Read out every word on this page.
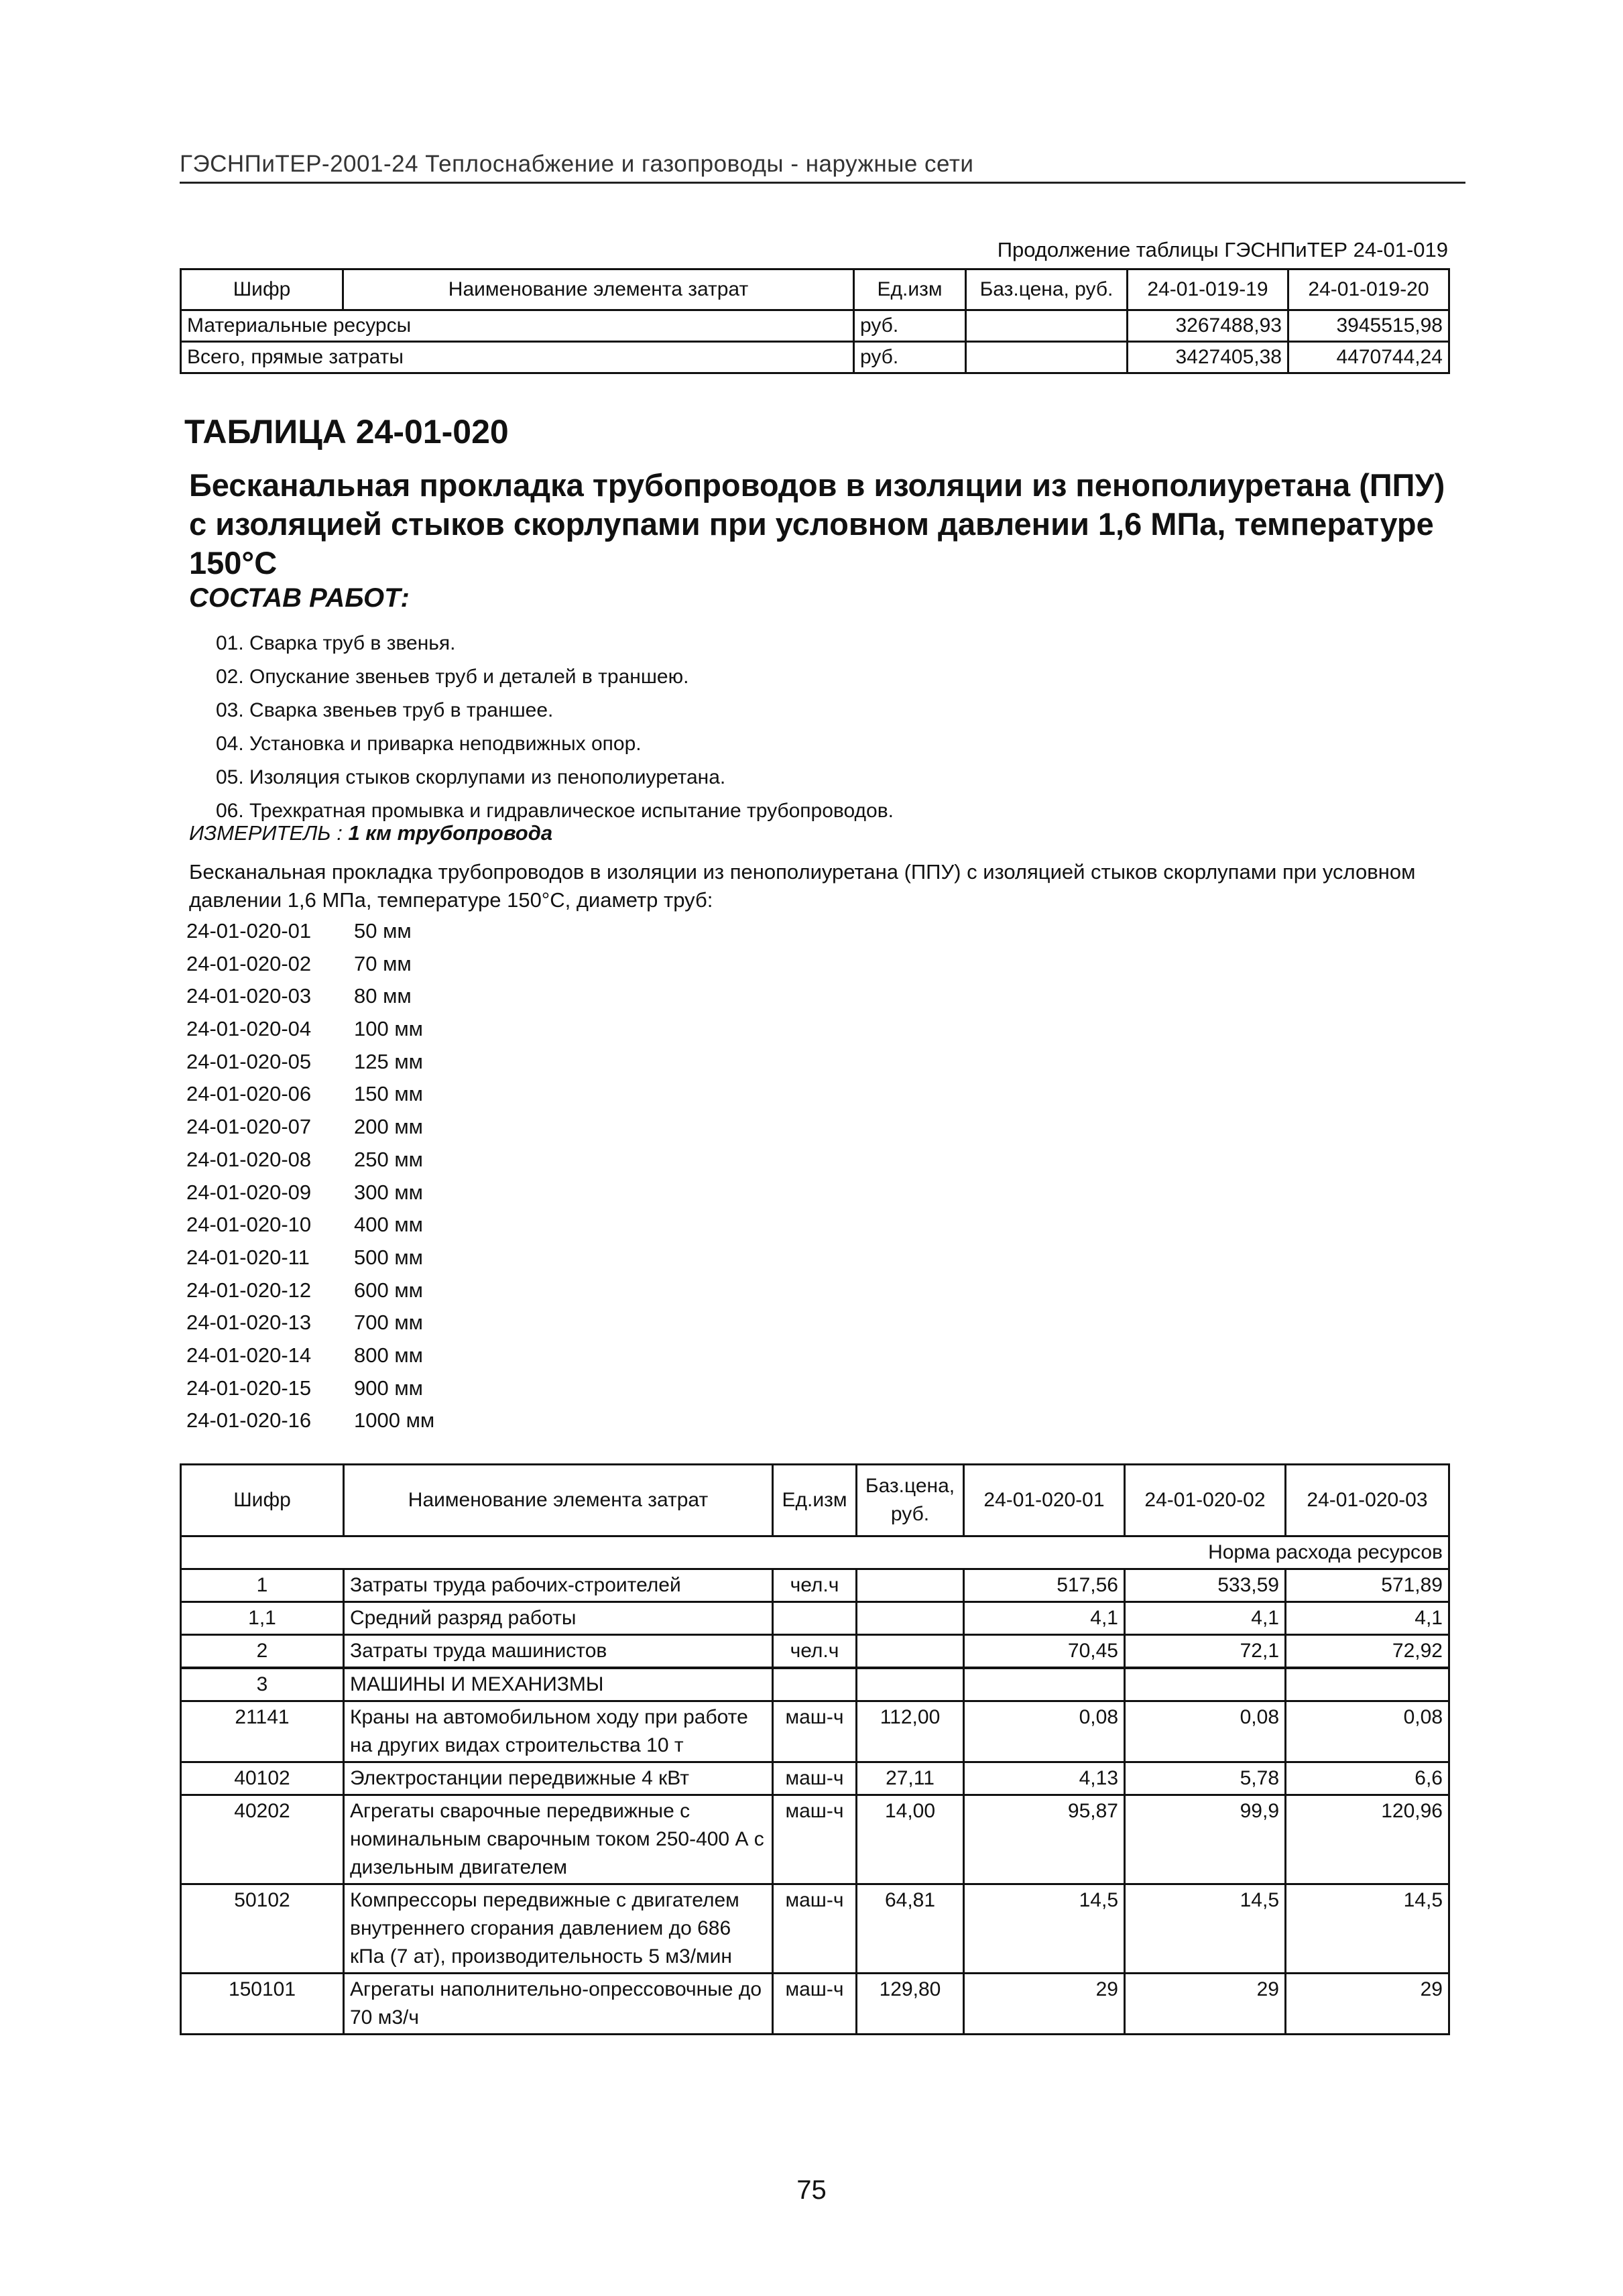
ГЭСНПиТЕР-2001-24 Теплоснабжение и газопроводы - наружные сети
Продолжение таблицы ГЭСНПиТЕР 24-01-019
Шифр	Наименование элемента затрат	Ед.изм	Баз.цена, руб.	24-01-019-19	24-01-019-20
Материальные ресурсы		руб.		3267488,93	3945515,98
Всего, прямые затраты		руб.		3427405,38	4470744,24
ТАБЛИЦА 24-01-020
Бесканальная прокладка трубопроводов в изоляции из пенополиуретана (ППУ) с изоляцией стыков скорлупами при условном давлении 1,6 МПа, температуре 150°С
СОСТАВ РАБОТ:
01. Сварка труб в звенья.
02. Опускание звеньев труб и деталей в траншею.
03. Сварка звеньев труб в траншее.
04. Установка и приварка неподвижных опор.
05. Изоляция стыков скорлупами из пенополиуретана.
06. Трехкратная промывка и гидравлическое испытание трубопроводов.
ИЗМЕРИТЕЛЬ : 1 км трубопровода
Бесканальная прокладка трубопроводов в изоляции из пенополиуретана (ППУ) с изоляцией стыков скорлупами при условном давлении 1,6 МПа, температуре 150°С, диаметр труб:
24-01-020-01 50 мм
24-01-020-02 70 мм
24-01-020-03 80 мм
24-01-020-04 100 мм
24-01-020-05 125 мм
24-01-020-06 150 мм
24-01-020-07 200 мм
24-01-020-08 250 мм
24-01-020-09 300 мм
24-01-020-10 400 мм
24-01-020-11 500 мм
24-01-020-12 600 мм
24-01-020-13 700 мм
24-01-020-14 800 мм
24-01-020-15 900 мм
24-01-020-16 1000 мм
Шифр	Наименование элемента затрат	Ед.изм	Баз.цена, руб.	24-01-020-01	24-01-020-02	24-01-020-03
Норма расхода ресурсов						
1	Затраты труда рабочих-строителей	чел.ч		517,56	533,59	571,89
1,1	Средний разряд работы			4,1	4,1	4,1
2	Затраты труда машинистов	чел.ч		70,45	72,1	72,92
3	МАШИНЫ И МЕХАНИЗМЫ					
21141	Краны на автомобильном ходу при работе на других видах строительства 10 т	маш-ч	112,00	0,08	0,08	0,08
40102	Электростанции передвижные 4 кВт	маш-ч	27,11	4,13	5,78	6,6
40202	Агрегаты сварочные передвижные с номинальным сварочным током 250-400 А с дизельным двигателем	маш-ч	14,00	95,87	99,9	120,96
50102	Компрессоры передвижные с двигателем внутреннего сгорания давлением до 686 кПа (7 ат), производительность 5 м3/мин	маш-ч	64,81	14,5	14,5	14,5
150101	Агрегаты наполнительно-опрессовочные до 70 м3/ч	маш-ч	129,80	29	29	29
75
